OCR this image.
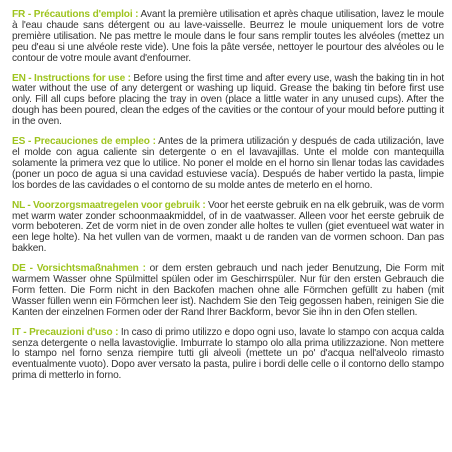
FR - Précautions d'emploi : Avant la première utilisation et après chaque utilisation, lavez le moule à l'eau chaude sans détergent ou au lave-vaisselle. Beurrez le moule uniquement lors de votre première utilisation. Ne pas mettre le moule dans le four sans remplir toutes les alvéoles (mettez un peu d'eau si une alvéole reste vide). Une fois la pâte versée, nettoyer le pourtour des alvéoles ou le contour de votre moule avant d'enfourner.
EN - Instructions for use : Before using the first time and after every use, wash the baking tin in hot water without the use of any detergent or washing up liquid. Grease the baking tin before first use only. Fill all cups before placing the tray in oven (place a little water in any unused cups). After the dough has been poured, clean the edges of the cavities or the contour of your mould before putting it in the oven.
ES - Precauciones de empleo : Antes de la primera utilización y después de cada utilización, lave el molde con agua caliente sin detergente o en el lavavajillas. Unte el molde con mantequilla solamente la primera vez que lo utilice. No poner el molde en el horno sin llenar todas las cavidades (poner un poco de agua si una cavidad estuviese vacía). Después de haber vertido la pasta, limpie los bordes de las cavidades o el contorno de su molde antes de meterlo en el horno.
NL - Voorzorgsmaatregelen voor gebruik : Voor het eerste gebruik en na elk gebruik, was de vorm met warm water zonder schoonmaakmiddel, of in de vaatwasser. Alleen voor het eerste gebruik de vorm beboteren. Zet de vorm niet in de oven zonder alle holtes te vullen (giet eventueel wat water in een lege holte). Na het vullen van de vormen, maakt u de randen van de vormen schoon. Dan pas bakken.
DE - Vorsichtsmaßnahmen : or dem ersten gebrauch und nach jeder Benutzung, Die Form mit warmem Wasser ohne Spülmittel spülen oder im Geschirrspüler. Nur für den ersten Gebrauch die Form fetten. Die Form nicht in den Backofen machen ohne alle Förmchen gefüllt zu haben (mit Wasser füllen wenn ein Förmchen leer ist). Nachdem Sie den Teig gegossen haben, reinigen Sie die Kanten der einzelnen Formen oder der Rand Ihrer Backform, bevor Sie ihn in den Ofen stellen.
IT - Precauzioni d'uso : In caso di primo utilizzo e dopo ogni uso, lavate lo stampo con acqua calda senza detergente o nella lavastoviglie. Imburrate lo stampo olo alla prima utilizzazione. Non mettere lo stampo nel forno senza riempire tutti gli alveoli (mettete un po' d'acqua nell'alveolo rimasto eventualmente vuoto). Dopo aver versato la pasta, pulire i bordi delle celle o il contorno dello stampo prima di metterlo in forno.
